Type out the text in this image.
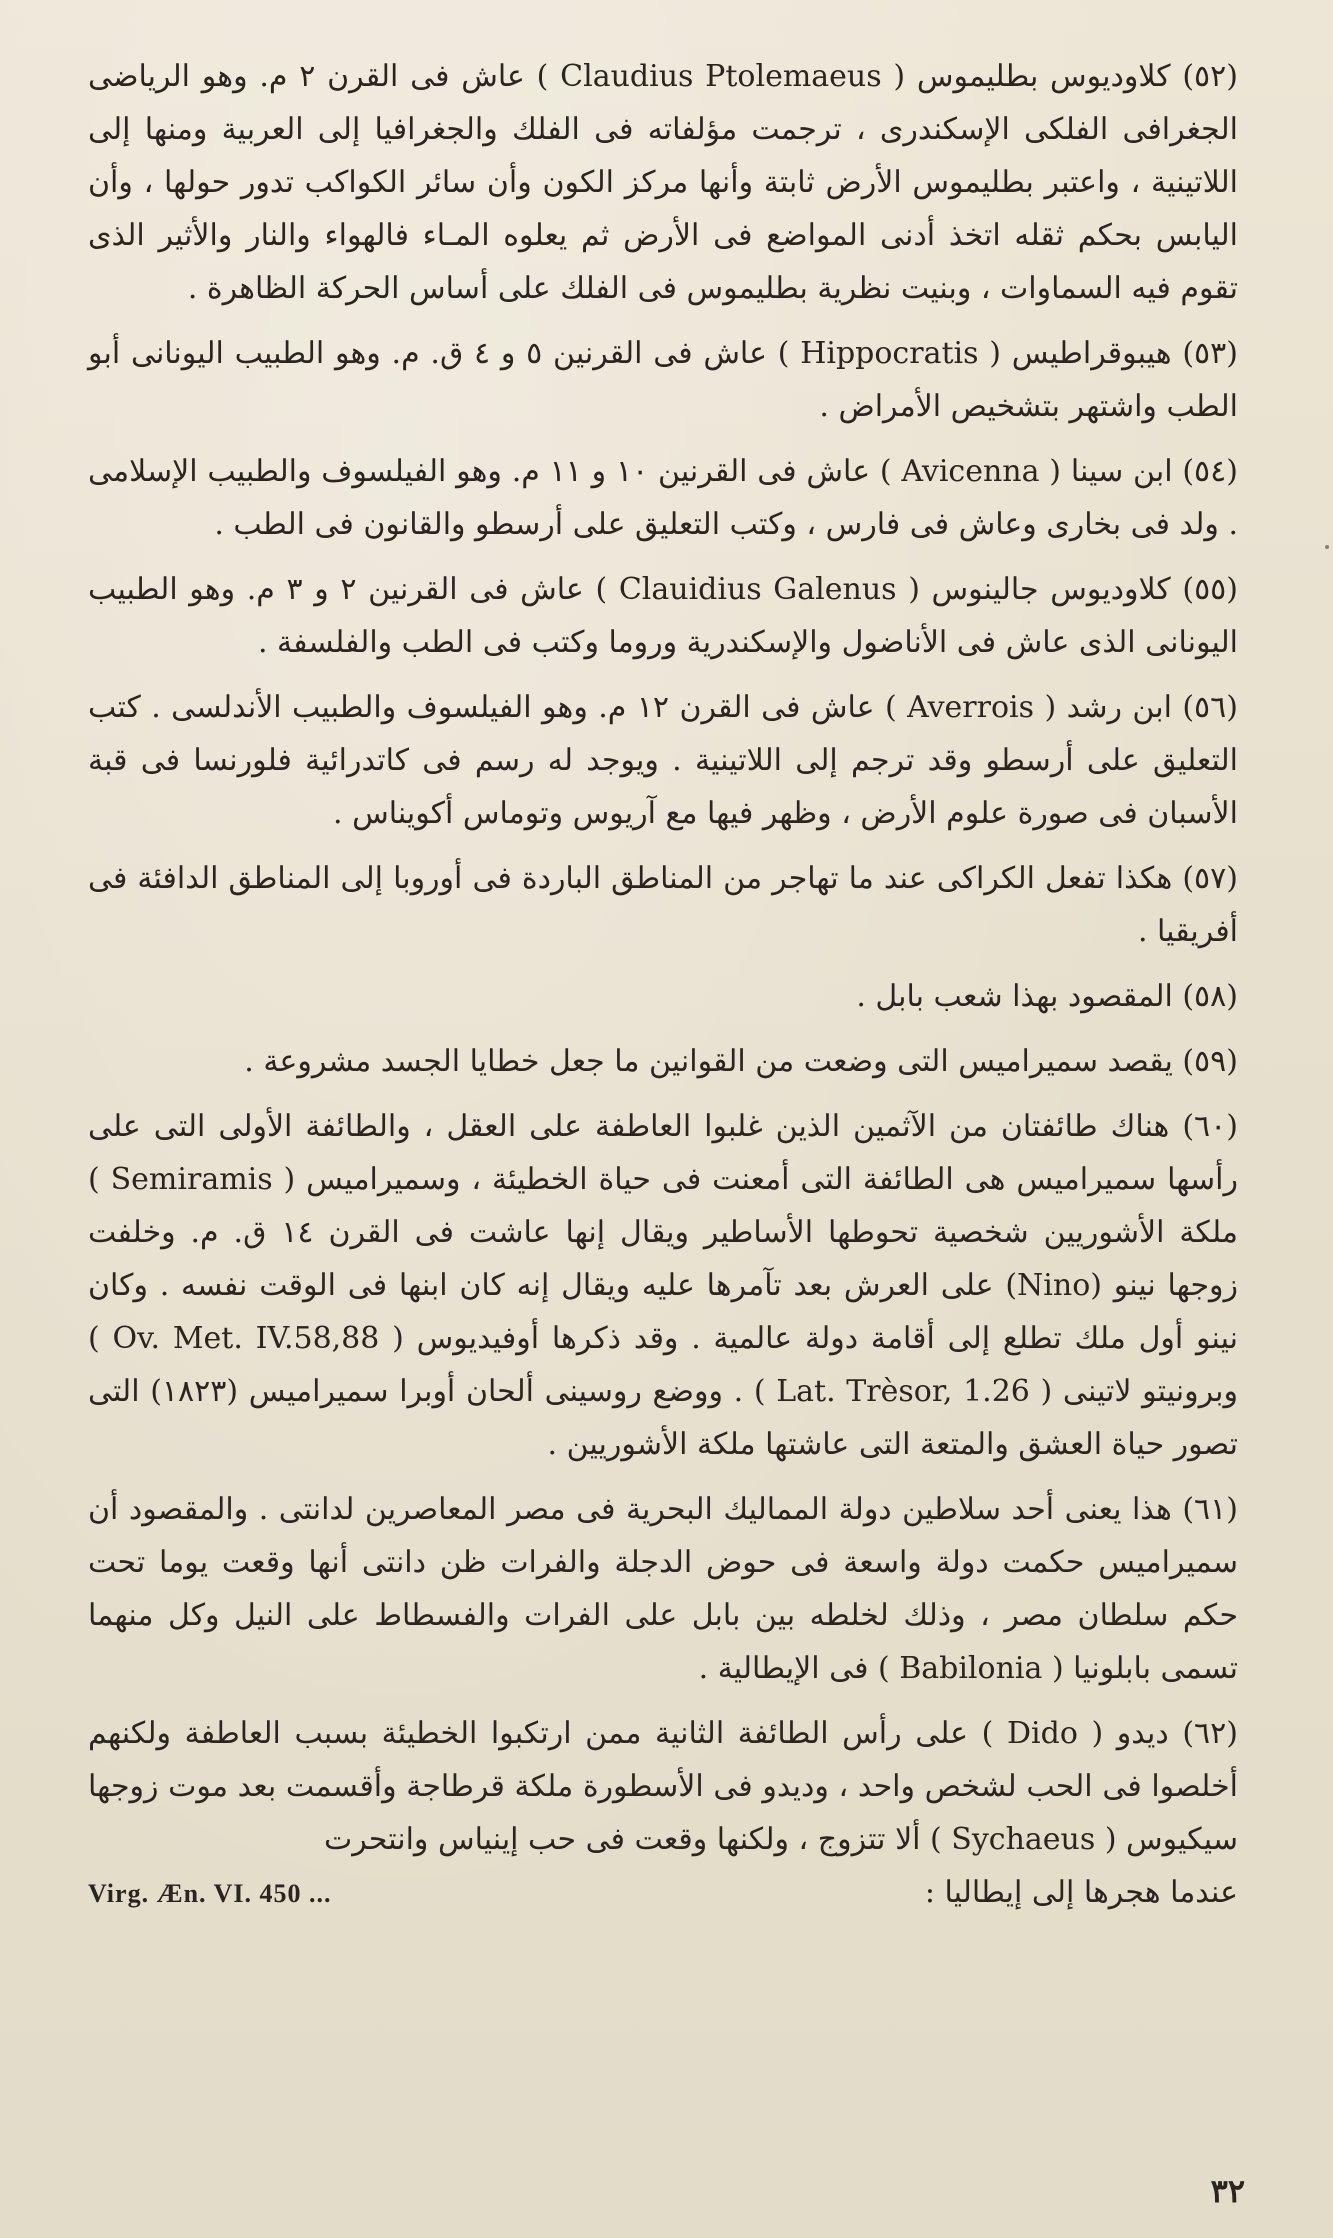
(٥٢) كلاوديوس بطليموس ( Claudius Ptolemaeus ) عاش فى القرن ٢ م. وهو الرياضى الجغرافى الفلكى الإسكندرى ، ترجمت مؤلفاته فى الفلك والجغرافيا إلى العربية ومنها إلى اللاتينية ، واعتبر بطليموس الأرض ثابتة وأنها مركز الكون وأن سائر الكواكب تدور حولها ، وأن اليابس بحكم ثقله اتخذ أدنى المواضع فى الأرض ثم يعلوه المـاء فالهواء والنار والأثير الذى تقوم فيه السماوات ، وبنيت نظرية بطليموس فى الفلك على أساس الحركة الظاهرة .

(٥٣) هيبوقراطيس ( Hippocratis ) عاش فى القرنين ٥ و ٤ ق. م. وهو الطبيب اليونانى أبو الطب واشتهر بتشخيص الأمراض .

(٥٤) ابن سينا ( Avicenna ) عاش فى القرنين ١٠ و ١١ م. وهو الفيلسوف والطبيب الإسلامى . ولد فى بخارى وعاش فى فارس ، وكتب التعليق على أرسطو والقانون فى الطب .

(٥٥) كلاوديوس جالينوس ( Clauidius Galenus ) عاش فى القرنين ٢ و ٣ م. وهو الطبيب اليونانى الذى عاش فى الأناضول والإسكندرية وروما وكتب فى الطب والفلسفة .

(٥٦) ابن رشد ( Averrois ) عاش فى القرن ١٢ م. وهو الفيلسوف والطبيب الأندلسى . كتب التعليق على أرسطو وقد ترجم إلى اللاتينية . ويوجد له رسم فى كاتدرائية فلورنسا فى قبة الأسبان فى صورة علوم الأرض ، وظهر فيها مع آريوس وتوماس أكويناس .

(٥٧) هكذا تفعل الكراكى عند ما تهاجر من المناطق الباردة فى أوروبا إلى المناطق الدافئة فى أفريقيا .

(٥٨) المقصود بهذا شعب بابل .

(٥٩) يقصد سميراميس التى وضعت من القوانين ما جعل خطايا الجسد مشروعة .

(٦٠) هناك طائفتان من الآثمين الذين غلبوا العاطفة على العقل ، والطائفة الأولى التى على رأسها سميراميس هى الطائفة التى أمعنت فى حياة الخطيئة ، وسميراميس ( Semiramis ) ملكة الأشوريين شخصية تحوطها الأساطير ويقال إنها عاشت فى القرن ١٤ ق. م. وخلفت زوجها نينو (Nino) على العرش بعد تآمرها عليه ويقال إنه كان ابنها فى الوقت نفسه . وكان نينو أول ملك تطلع إلى أقامة دولة عالمية . وقد ذكرها أوفيديوس ( Ov. Met. IV.58,88 ) وبرونيتو لاتينى ( Lat. Trèsor, 1.26 ) . ووضع روسينى ألحان أوبرا سميراميس (١٨٢٣) التى تصور حياة العشق والمتعة التى عاشتها ملكة الأشوريين .

(٦١) هذا يعنى أحد سلاطين دولة المماليك البحرية فى مصر المعاصرين لدانتى . والمقصود أن سميراميس حكمت دولة واسعة فى حوض الدجلة والفرات ظن دانتى أنها وقعت يوما تحت حكم سلطان مصر ، وذلك لخلطه بين بابل على الفرات والفسطاط على النيل وكل منهما تسمى بابلونيا ( Babilonia ) فى الإيطالية .

(٦٢) ديدو ( Dido ) على رأس الطائفة الثانية ممن ارتكبوا الخطيئة بسبب العاطفة ولكنهم أخلصوا فى الحب لشخص واحد ، وديدو فى الأسطورة ملكة قرطاجة وأقسمت بعد موت زوجها سيكيوس ( Sychaeus ) ألا تتزوج ، ولكنها وقعت فى حب إينياس وانتحرت

عندما هجرها إلى إيطاليا :
Virg. Æn. VI. 450 ...
٣٢
